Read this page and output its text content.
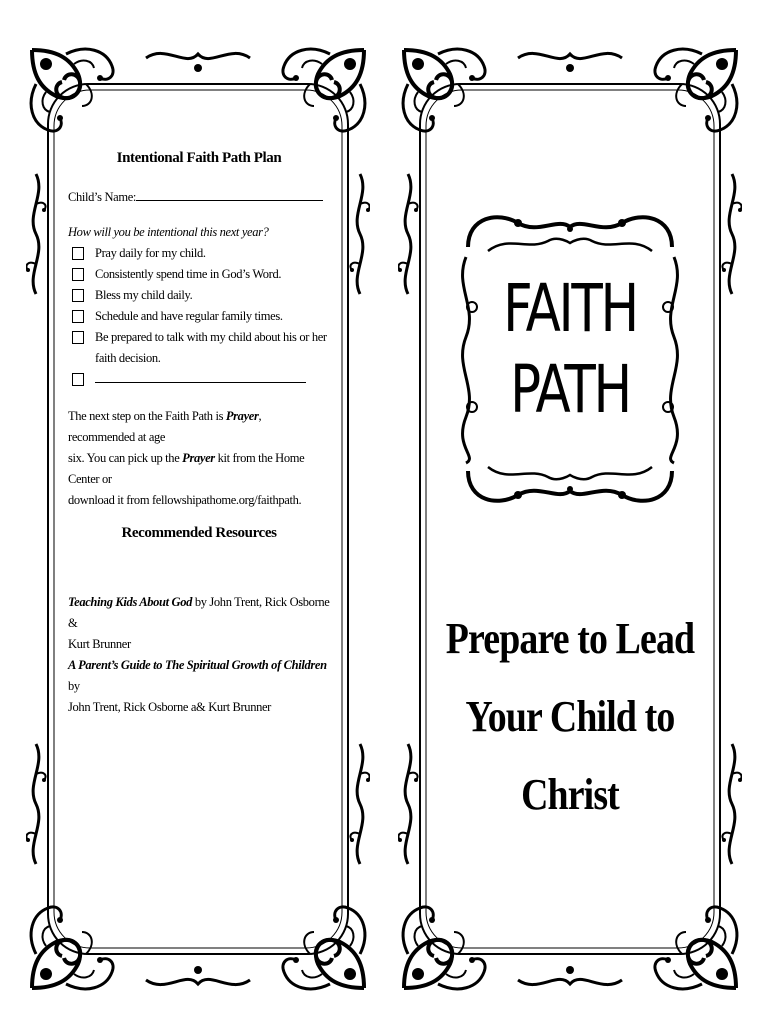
Intentional Faith Path Plan

Child’s Name:

How will you be intentional this next year?

Pray daily for my child.
Consistently spend time in God’s Word.
Bless my child daily.
Schedule and have regular family times.
Be prepared to talk with my child about his or her
faith decision.

The next step on the Faith Path is Prayer, recommended at age
six. You can pick up the Prayer kit from the Home Center or
download it from fellowshipathome.org/faithpath.

Recommended Resources

Teaching Kids About God by John Trent, Rick Osborne &
Kurt Brunner
A Parent’s Guide to The Spiritual Growth of Children by
John Trent, Rick Osborne a& Kurt Brunner

FAITH
PATH
Prepare to Lead
Your Child to
Christ
